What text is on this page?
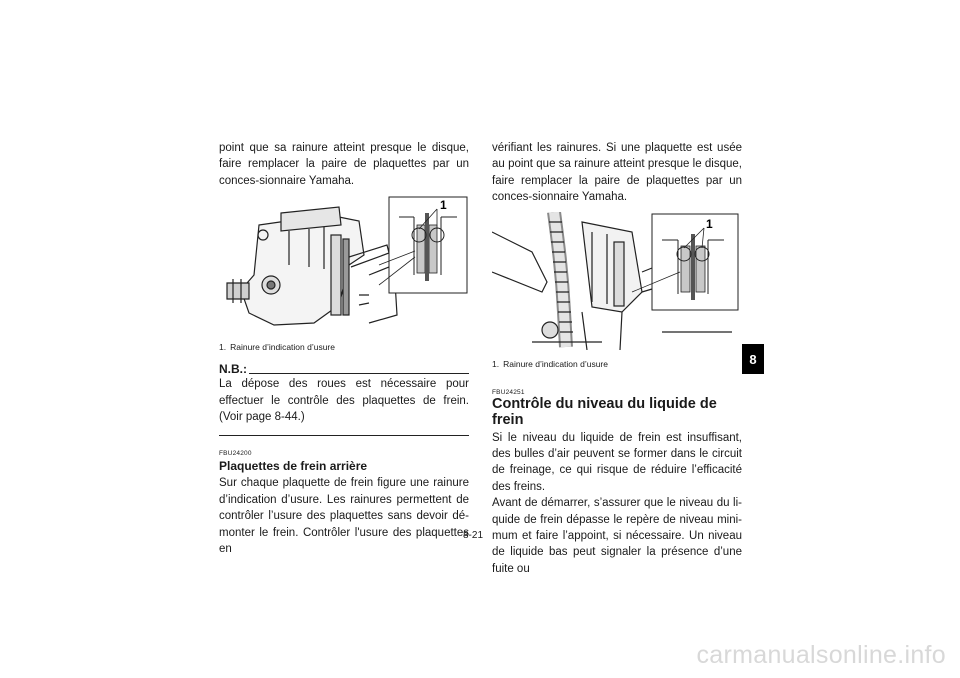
point que sa rainure atteint presque le disque, faire remplacer la paire de plaquettes par un conces-sionnaire Yamaha.

1
1. Rainure d’indication d’usure
N.B.:

La dépose des roues est nécessaire pour effectuer le contrôle des plaquettes de frein. (Voir page 8-44.)

FBU24200
Plaquettes de frein arrière

Sur chaque plaquette de frein figure une rainure d’indication d’usure. Les rainures permettent de contrôler l’usure des plaquettes sans devoir dé-monter le frein. Contrôler l'usure des plaquettes en

vérifiant les rainures. Si une plaquette est usée au point que sa rainure atteint presque le disque, faire remplacer la paire de plaquettes par un conces-sionnaire Yamaha.

1
1. Rainure d’indication d’usure
FBU24251
Contrôle du niveau du liquide de frein

Si le niveau du liquide de frein est insuffisant, des bulles d’air peuvent se former dans le circuit de freinage, ce qui risque de réduire l’efficacité des freins.

Avant de démarrer, s’assurer que le niveau du li-quide de frein dépasse le repère de niveau mini-mum et faire l’appoint, si nécessaire. Un niveau de liquide bas peut signaler la présence d’une fuite ou

8-21
8
carmanualsonline.info
